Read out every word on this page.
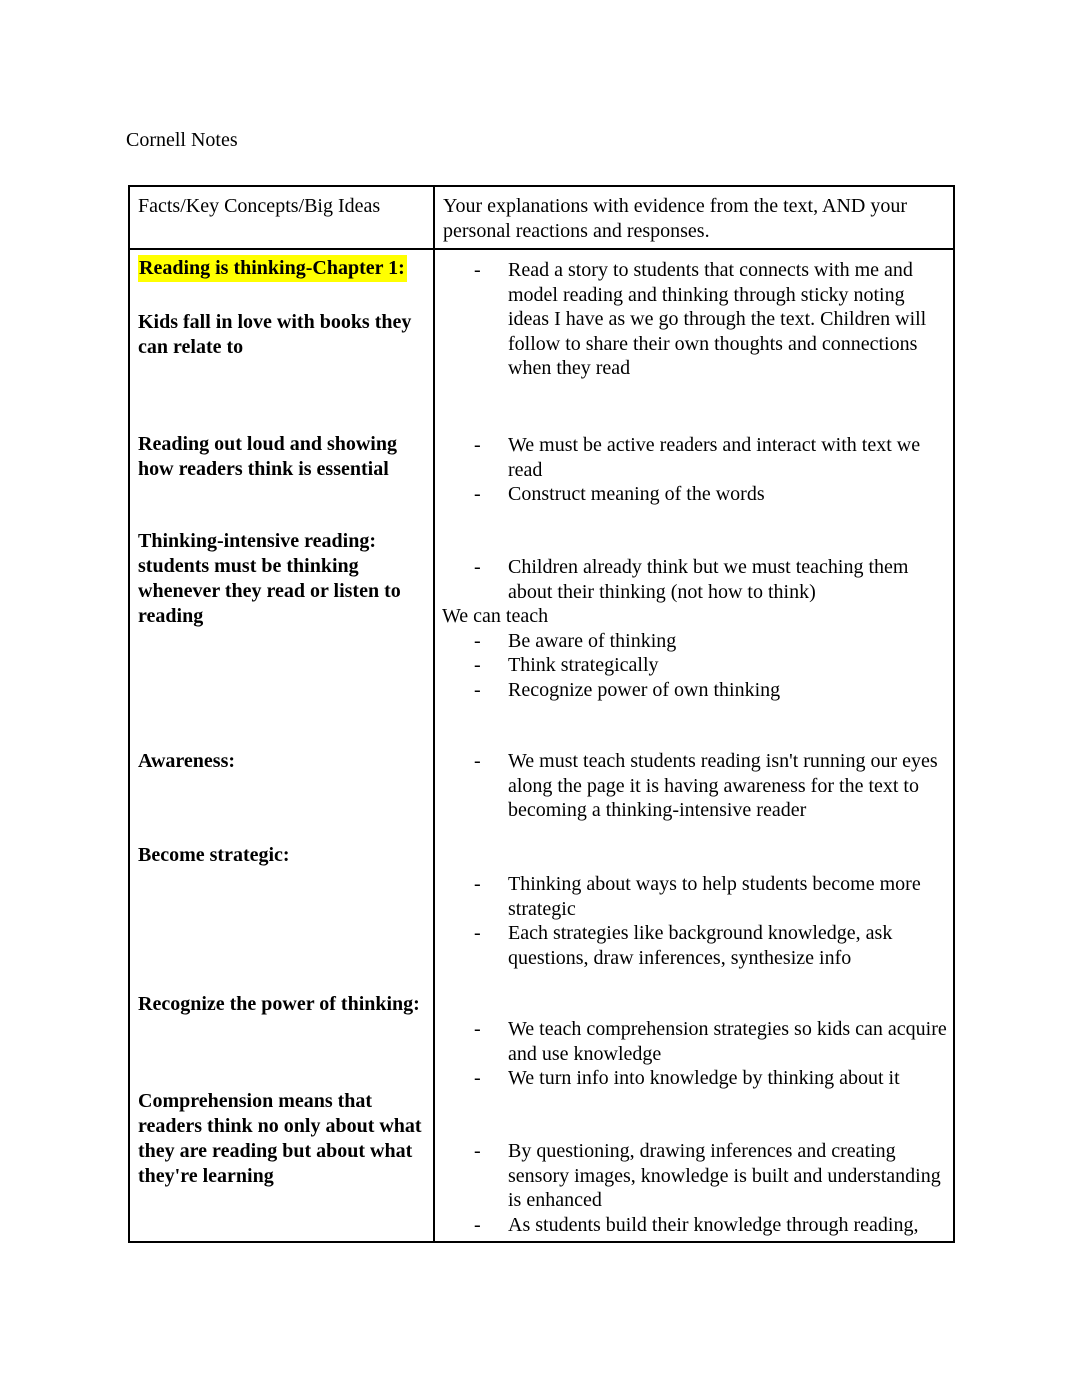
Cornell Notes
Facts/Key Concepts/Big Ideas	Your explanations with evidence from the text, AND your personal reactions and responses.
Reading is thinking-Chapter 1:
Kids fall in love with books they can relate to
Reading out loud and showing how readers think is essential
Thinking-intensive reading: students must be thinking whenever they read or listen to reading
Awareness:
Become strategic:
Recognize the power of thinking:
Comprehension means that readers think no only about what they are reading but about what they're learning
- Read a story to students that connects with me and model reading and thinking through sticky noting ideas I have as we go through the text. Children will follow to share their own thoughts and connections when they read
- We must be active readers and interact with text we read
- Construct meaning of the words
- Children already think but we must teaching them about their thinking (not how to think)
We can teach
- Be aware of thinking
- Think strategically
- Recognize power of own thinking
- We must teach students reading isn't running our eyes along the page it is having awareness for the text to becoming a thinking-intensive reader
- Thinking about ways to help students become more strategic
- Each strategies like background knowledge, ask questions, draw inferences, synthesize info
- We teach comprehension strategies so kids can acquire and use knowledge
- We turn info into knowledge by thinking about it
- By questioning, drawing inferences and creating sensory images, knowledge is built and understanding is enhanced
- As students build their knowledge through reading,
